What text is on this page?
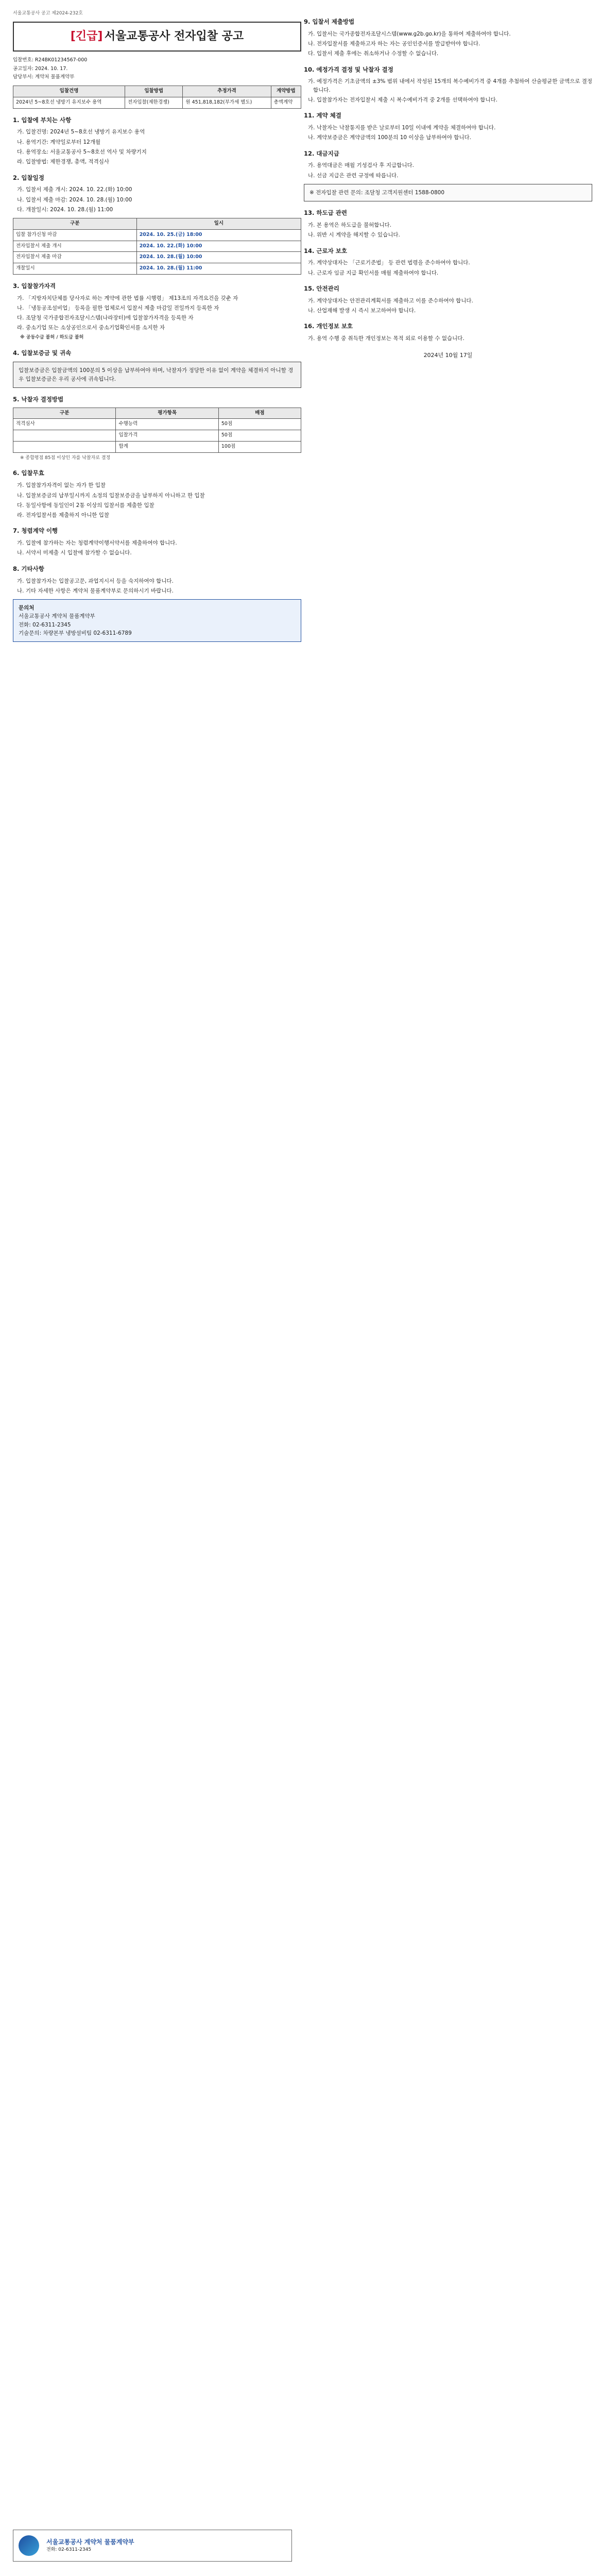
서울교통공사 공고 제2024-232호
[긴급] 서울교통공사 전자입찰 공고
입찰번호: R24BK01234567-000
공고일자: 2024. 10. 17.
담당부서: 계약처 물품계약부
입찰건명	입찰방법	추정가격	계약방법
2024년 5~8호선 냉방기 유지보수 용역	전자입찰(제한경쟁)	원 451,818,182(부가세 별도)	총액계약
1. 입찰에 부치는 사항
가. 입찰건명: 2024년 5~8호선 냉방기 유지보수 용역
나. 용역기간: 계약일로부터 12개월
다. 용역장소: 서울교통공사 5~8호선 역사 및 차량기지
라. 입찰방법: 제한경쟁, 총액, 적격심사
2. 입찰일정
가. 입찰서 제출 개시: 2024. 10. 22.(화) 10:00
나. 입찰서 제출 마감: 2024. 10. 28.(월) 10:00
다. 개찰일시: 2024. 10. 28.(월) 11:00
구분	일시
입찰 참가신청 마감	2024. 10. 25.(금) 18:00
전자입찰서 제출 개시	2024. 10. 22.(화) 10:00
전자입찰서 제출 마감	2024. 10. 28.(월) 10:00
개찰일시	2024. 10. 28.(월) 11:00
3. 입찰참가자격
가. 「지방자치단체를 당사자로 하는 계약에 관한 법률 시행령」 제13조의 자격요건을 갖춘 자
나. 「냉동공조설비업」 등록을 필한 업체로서 입찰서 제출 마감일 전일까지 등록한 자
다. 조달청 국가종합전자조달시스템(나라장터)에 입찰참가자격을 등록한 자
라. 중소기업 또는 소상공인으로서 중소기업확인서를 소지한 자
※ 공동수급 불허 / 하도급 불허
4. 입찰보증금 및 귀속
입찰보증금은 입찰금액의 100분의 5 이상을 납부하여야 하며, 낙찰자가 정당한 이유 없이 계약을 체결하지 아니할 경우 입찰보증금은 우리 공사에 귀속됩니다.
5. 낙찰자 결정방법
구분	평가항목	배점
적격심사	수행능력	50점
	입찰가격	50점
	합계	100점
※ 종합평점 85점 이상인 자를 낙찰자로 결정
6. 입찰무효
가. 입찰참가자격이 없는 자가 한 입찰
나. 입찰보증금의 납부일시까지 소정의 입찰보증금을 납부하지 아니하고 한 입찰
다. 동일사항에 동일인이 2통 이상의 입찰서를 제출한 입찰
라. 전자입찰서를 제출하지 아니한 입찰
7. 청렴계약 이행
가. 입찰에 참가하는 자는 청렴계약이행서약서를 제출하여야 합니다.
나. 서약서 미제출 시 입찰에 참가할 수 없습니다.
8. 기타사항
가. 입찰참가자는 입찰공고문, 과업지시서 등을 숙지하여야 합니다.
나. 기타 자세한 사항은 계약처 물품계약부로 문의하시기 바랍니다.
문의처
서울교통공사 계약처 물품계약부
전화: 02-6311-2345
기술문의: 차량본부 냉방설비팀 02-6311-6789
9. 입찰서 제출방법
가. 입찰서는 국가종합전자조달시스템(www.g2b.go.kr)을 통하여 제출하여야 합니다.
나. 전자입찰서를 제출하고자 하는 자는 공인인증서를 발급받아야 합니다.
다. 입찰서 제출 후에는 취소하거나 수정할 수 없습니다.
10. 예정가격 결정 및 낙찰자 결정
가. 예정가격은 기초금액의 ±3% 범위 내에서 작성된 15개의 복수예비가격 중 4개를 추첨하여 산술평균한 금액으로 결정합니다.
나. 입찰참가자는 전자입찰서 제출 시 복수예비가격 중 2개를 선택하여야 합니다.
11. 계약 체결
가. 낙찰자는 낙찰통지를 받은 날로부터 10일 이내에 계약을 체결하여야 합니다.
나. 계약보증금은 계약금액의 100분의 10 이상을 납부하여야 합니다.
12. 대금지급
가. 용역대금은 매월 기성검사 후 지급합니다.
나. 선금 지급은 관련 규정에 따릅니다.
※ 전자입찰 관련 문의: 조달청 고객지원센터 1588-0800
13. 하도급 관련
가. 본 용역은 하도급을 불허합니다.
나. 위반 시 계약을 해지할 수 있습니다.
14. 근로자 보호
가. 계약상대자는 「근로기준법」 등 관련 법령을 준수하여야 합니다.
나. 근로자 임금 지급 확인서를 매월 제출하여야 합니다.
15. 안전관리
가. 계약상대자는 안전관리계획서를 제출하고 이를 준수하여야 합니다.
나. 산업재해 발생 시 즉시 보고하여야 합니다.
16. 개인정보 보호
가. 용역 수행 중 취득한 개인정보는 목적 외로 이용할 수 없습니다.
2024년 10월 17일
서울교통공사 계약처 물품계약부
전화: 02-6311-2345
